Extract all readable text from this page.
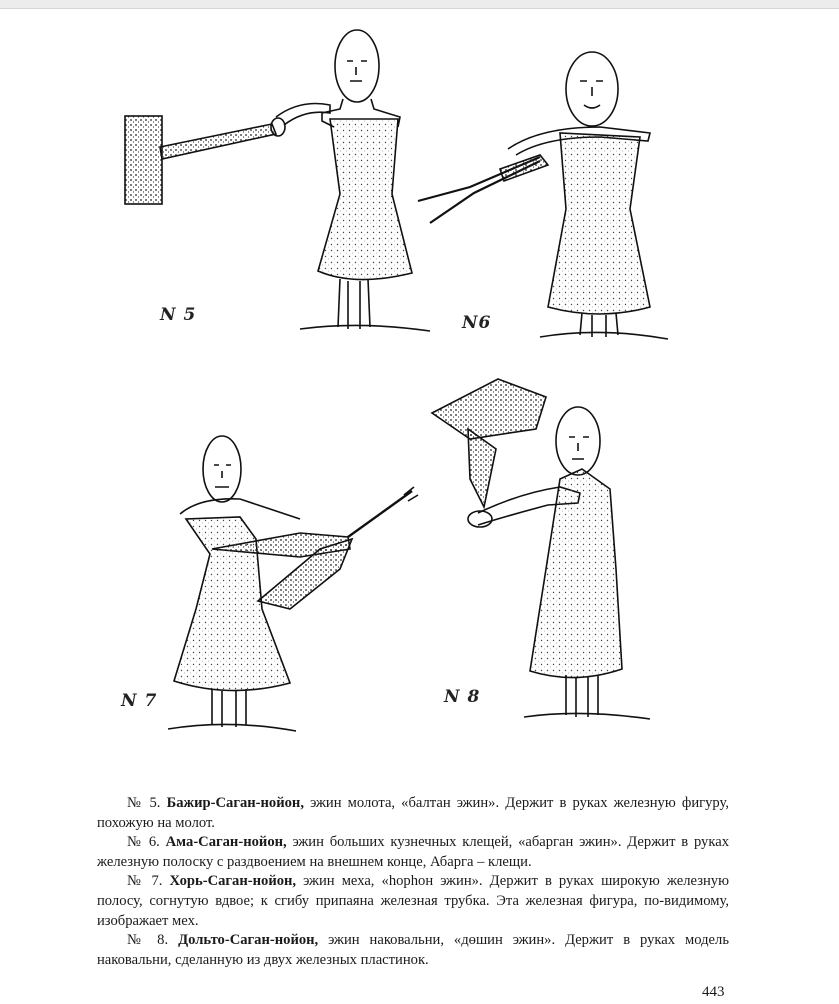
N 5	N6
N 7	N 8

№ 5. Бажир-Саган-нойон, эжин молота, «балтан эжин». Держит в руках железную фигуру, похожую на молот.

№ 6. Ама-Саган-нойон, эжин больших кузнечных клещей, «абарган эжин». Держит в руках железную полоску с раздвоением на внешнем конце, Абарга – клещи.

№ 7. Хорь-Саган-нойон, эжин меха, «hорhон эжин». Держит в руках широкую железную полосу, согнутую вдвое; к сгибу припаяна железная трубка. Эта железная фигура, по-видимому, изображает мех.

№ 8. Дольто-Саган-нойон, эжин наковальни, «дөшин эжин». Держит в руках модель наковальни, сделанную из двух железных пластинок.

443
